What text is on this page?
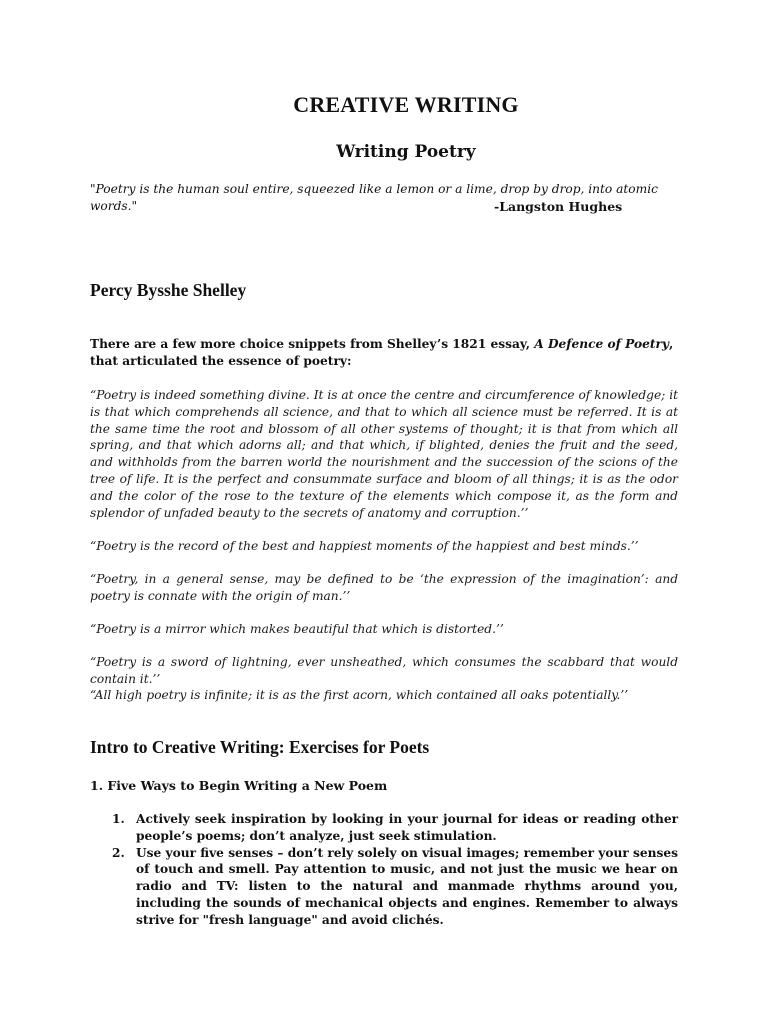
CREATIVE WRITING
Writing Poetry
"Poetry is the human soul entire, squeezed like a lemon or a lime, drop by drop, into atomic words."	-Langston Hughes
Percy Bysshe Shelley
There are a few more choice snippets from Shelley’s 1821 essay, A Defence of Poetry, that articulated the essence of poetry:
“Poetry is indeed something divine. It is at once the centre and circumference of knowledge; it is that which comprehends all science, and that to which all science must be referred. It is at the same time the root and blossom of all other systems of thought; it is that from which all spring, and that which adorns all; and that which, if blighted, denies the fruit and the seed, and withholds from the barren world the nourishment and the succession of the scions of the tree of life. It is the perfect and consummate surface and bloom of all things; it is as the odor and the color of the rose to the texture of the elements which compose it, as the form and splendor of unfaded beauty to the secrets of anatomy and corruption.’’
“Poetry is the record of the best and happiest moments of the happiest and best minds.’’
“Poetry, in a general sense, may be defined to be ‘the expression of the imagination’: and poetry is connate with the origin of man.’’
“Poetry is a mirror which makes beautiful that which is distorted.’’
“Poetry is a sword of lightning, ever unsheathed, which consumes the scabbard that would contain it.’’
“All high poetry is infinite; it is as the first acorn, which contained all oaks potentially.’’
Intro to Creative Writing: Exercises for Poets
1. Five Ways to Begin Writing a New Poem
1. Actively seek inspiration by looking in your journal for ideas or reading other people’s poems; don’t analyze, just seek stimulation.
2. Use your five senses – don’t rely solely on visual images; remember your senses of touch and smell. Pay attention to music, and not just the music we hear on radio and TV: listen to the natural and manmade rhythms around you, including the sounds of mechanical objects and engines. Remember to always strive for "fresh language" and avoid clichés.
